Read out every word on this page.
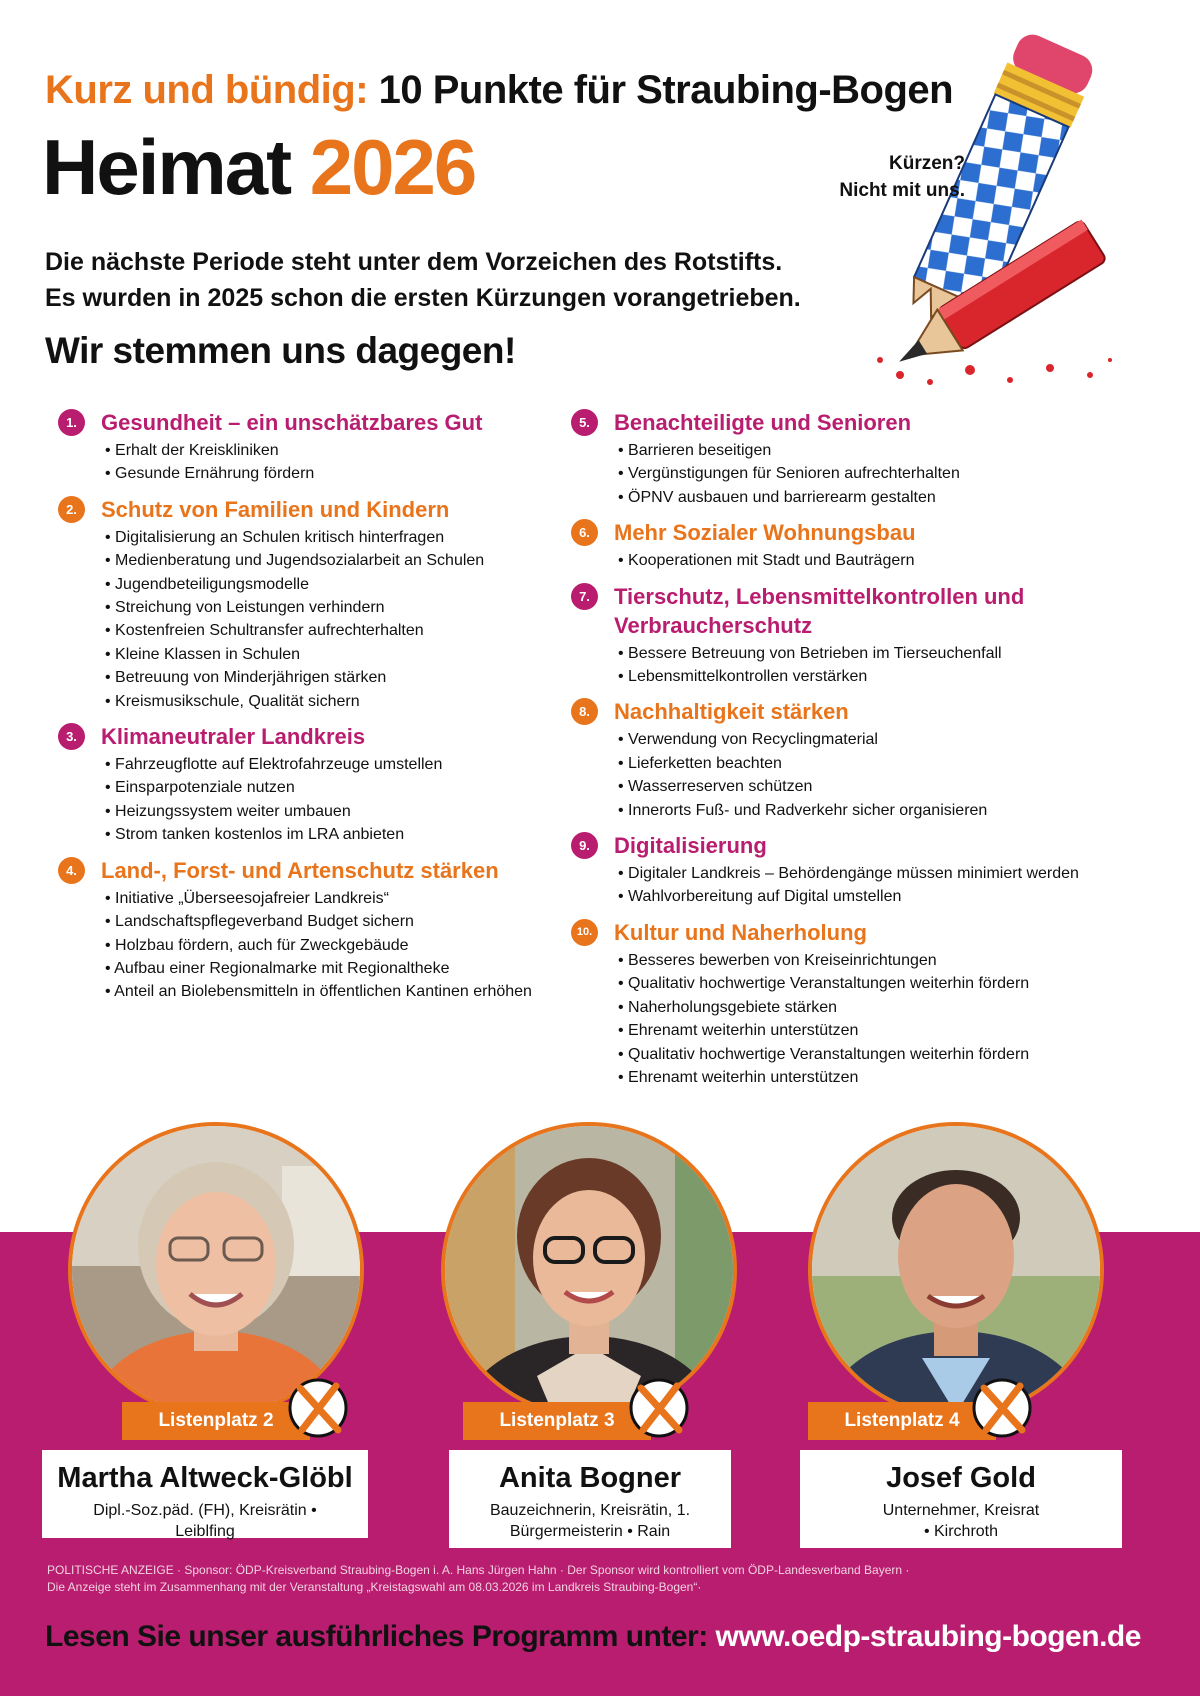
Kurz und bündig: 10 Punkte für Straubing-Bogen
Heimat 2026

Die nächste Periode steht unter dem Vorzeichen des Rotstifts.
Es wurden in 2025 schon die ersten Kürzungen vorangetrieben.

Wir stemmen uns dagegen!

Kürzen?
Nicht mit uns.
1.	Gesundheit – ein unschätzbares Gut
• Erhalt der Kreiskliniken
• Gesunde Ernährung fördern
2.	Schutz von Familien und Kindern
• Digitalisierung an Schulen kritisch hinterfragen
• Medienberatung und Jugendsozialarbeit an Schulen
• Jugendbeteiligungsmodelle
• Streichung von Leistungen verhindern
• Kostenfreien Schultransfer aufrechterhalten
• Kleine Klassen in Schulen
• Betreuung von Minderjährigen stärken
• Kreismusikschule, Qualität sichern
3.	Klimaneutraler Landkreis
• Fahrzeugflotte auf Elektrofahrzeuge umstellen
• Einsparpotenziale nutzen
• Heizungssystem weiter umbauen
• Strom tanken kostenlos im LRA anbieten
4.	Land-, Forst- und Artenschutz stärken
• Initiative „Überseesojafreier Landkreis“
• Landschaftspflegeverband Budget sichern
• Holzbau fördern, auch für Zweckgebäude
• Aufbau einer Regionalmarke mit Regionaltheke
• Anteil an Biolebensmitteln in öffentlichen Kantinen erhöhen
5.	Benachteiligte und Senioren
• Barrieren beseitigen
• Vergünstigungen für Senioren aufrechterhalten
• ÖPNV ausbauen und barrierearm gestalten
6.	Mehr Sozialer Wohnungsbau
• Kooperationen mit Stadt und Bauträgern
7.	Tierschutz, Lebensmittelkontrollen und Verbraucherschutz
• Bessere Betreuung von Betrieben im Tierseuchenfall
• Lebensmittelkontrollen verstärken
8.	Nachhaltigkeit stärken
• Verwendung von Recyclingmaterial
• Lieferketten beachten
• Wasserreserven schützen
• Innerorts Fuß- und Radverkehr sicher organisieren
9.	Digitalisierung
• Digitaler Landkreis – Behördengänge müssen minimiert werden
• Wahlvorbereitung auf Digital umstellen
10. Kultur und Naherholung
• Besseres bewerben von Kreiseinrichtungen
• Qualitativ hochwertige Veranstaltungen weiterhin fördern
• Naherholungsgebiete stärken
• Ehrenamt weiterhin unterstützen
• Qualitativ hochwertige Veranstaltungen weiterhin fördern
• Ehrenamt weiterhin unterstützen
Listenplatz 2
Martha Altweck-Glöbl
Dipl.-Soz.päd. (FH), Kreisrätin • Leiblfing
Listenplatz 3
Anita Bogner
Bauzeichnerin, Kreisrätin, 1. Bürgermeisterin • Rain
Listenplatz 4
Josef Gold
Unternehmer, Kreisrat • Kirchroth

POLITISCHE ANZEIGE · Sponsor: ÖDP-Kreisverband Straubing-Bogen i. A. Hans Jürgen Hahn · Der Sponsor wird kontrolliert vom ÖDP-Landesverband Bayern ·
Die Anzeige steht im Zusammenhang mit der Veranstaltung „Kreistagswahl am 08.03.2026 im Landkreis Straubing-Bogen“·

Lesen Sie unser ausführliches Programm unter: www.oedp-straubing-bogen.de
